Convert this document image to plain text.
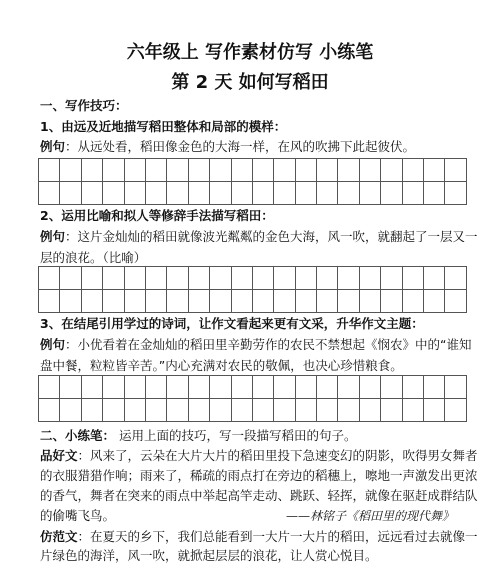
六年级上 写作素材仿写 小练笔
第 2 天 如何写稻田
一、写作技巧：
1、由远及近地描写稻田整体和局部的模样：
例句：从远处看，稻田像金色的大海一样，在风的吹拂下此起彼伏。

2、运用比喻和拟人等修辞手法描写稻田：
例句：这片金灿灿的稻田就像波光粼粼的金色大海，风一吹，就翻起了一层又一
层的浪花。（比喻）

3、在结尾引用学过的诗词，让作文看起来更有文采，升华作文主题：
例句：小优看着在金灿灿的稻田里辛勤劳作的农民不禁想起《悯农》中的“谁知
盘中餐，粒粒皆辛苦。”内心充满对农民的敬佩，也决心珍惜粮食。

二、小练笔： 运用上面的技巧，写一段描写稻田的句子。
品好文：风来了，云朵在大片大片的稻田里投下急速变幻的阴影，吹得男女舞者
的衣服猎猎作响；雨来了，稀疏的雨点打在旁边的稻穗上，嚓地一声激发出更浓
的香气，舞者在突来的雨点中举起高竿走动、跳跃、轻挥，就像在驱赶成群结队
的偷嘴飞鸟。	——林铭子《稻田里的现代舞》
仿范文：在夏天的乡下，我们总能看到一大片一大片的稻田，远远看过去就像一
片绿色的海洋，风一吹，就掀起层层的浪花，让人赏心悦目。
